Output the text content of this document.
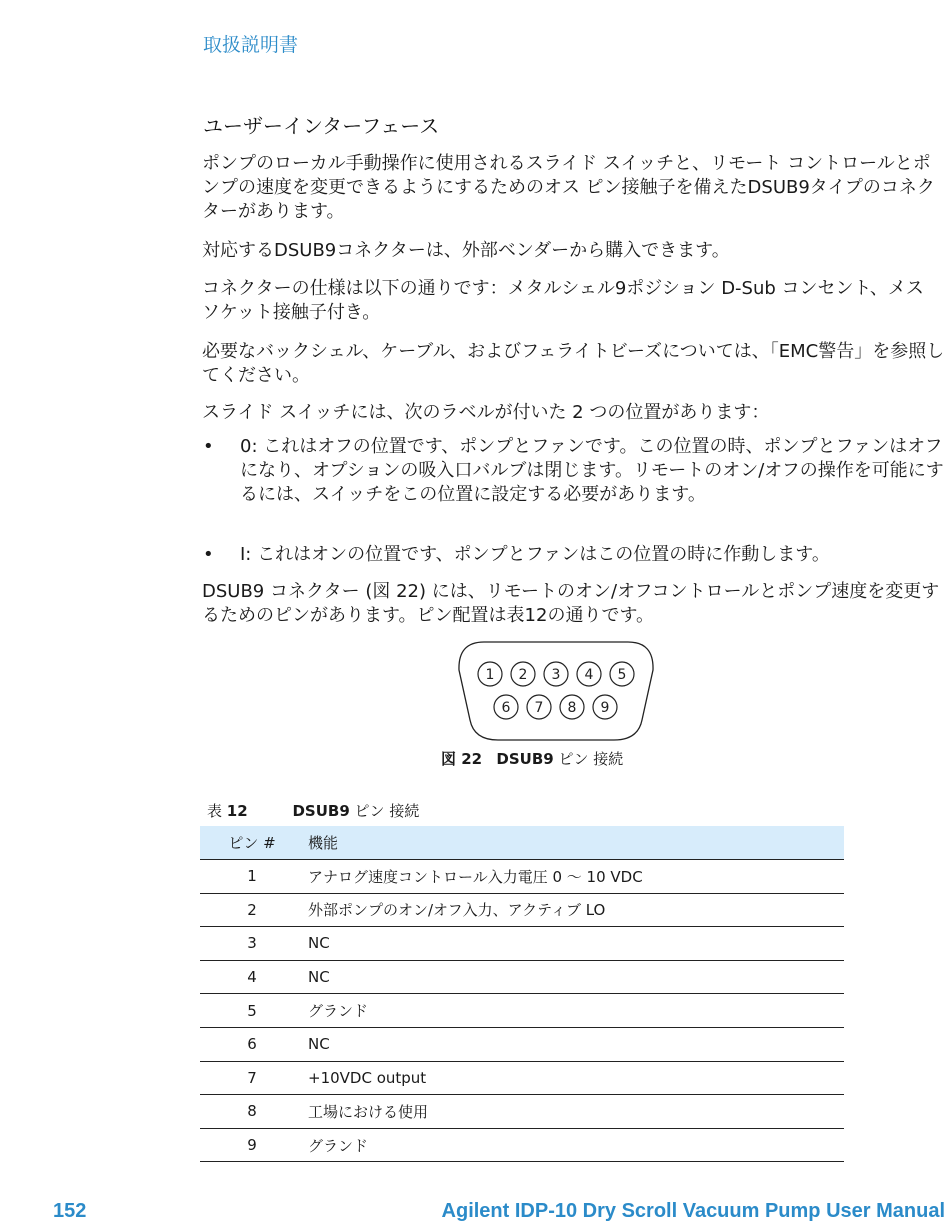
取扱説明書
ユーザーインターフェース
ポンプのローカル手動操作に使用されるスライド スイッチと、リモート コントロールとポンプの速度を変更できるようにするためのオス ピン接触子を備えたDSUB9タイプのコネクターがあります。
対応するDSUB9コネクターは、外部ベンダーから購入できます。
コネクターの仕様は以下の通りです：メタルシェル9ポジション D-Sub コンセント、メス ソケット接触子付き。
必要なバックシェル、ケーブル、およびフェライトビーズについては、「EMC警告」を参照してください。
スライド スイッチには、次のラベルが付いた 2 つの位置があります：
• 0: これはオフの位置です、ポンプとファンです。この位置の時、ポンプとファンはオフになり、オプションの吸入口バルブは閉じます。リモートのオン/オフの操作を可能にするには、スイッチをこの位置に設定する必要があります。
• I: これはオンの位置です、ポンプとファンはこの位置の時に作動します。
DSUB9 コネクター (図 22) には、リモートのオン/オフコントロールとポンプ速度を変更するためのピンがあります。ピン配置は表12の通りです。
1 2 3 4 5
6 7 8 9
図 22 DSUB9 ピン 接続
表 12	DSUB9 ピン 接続
ピン #	機能
1	アナログ速度コントロール入力電圧 0 ～ 10 VDC
2	外部ポンプのオン/オフ入力、アクティブ LO
3	NC
4	NC
5	グランド
6	NC
7	+10VDC output
8	工場における使用
9	グランド
152	Agilent IDP-10 Dry Scroll Vacuum Pump User Manual
